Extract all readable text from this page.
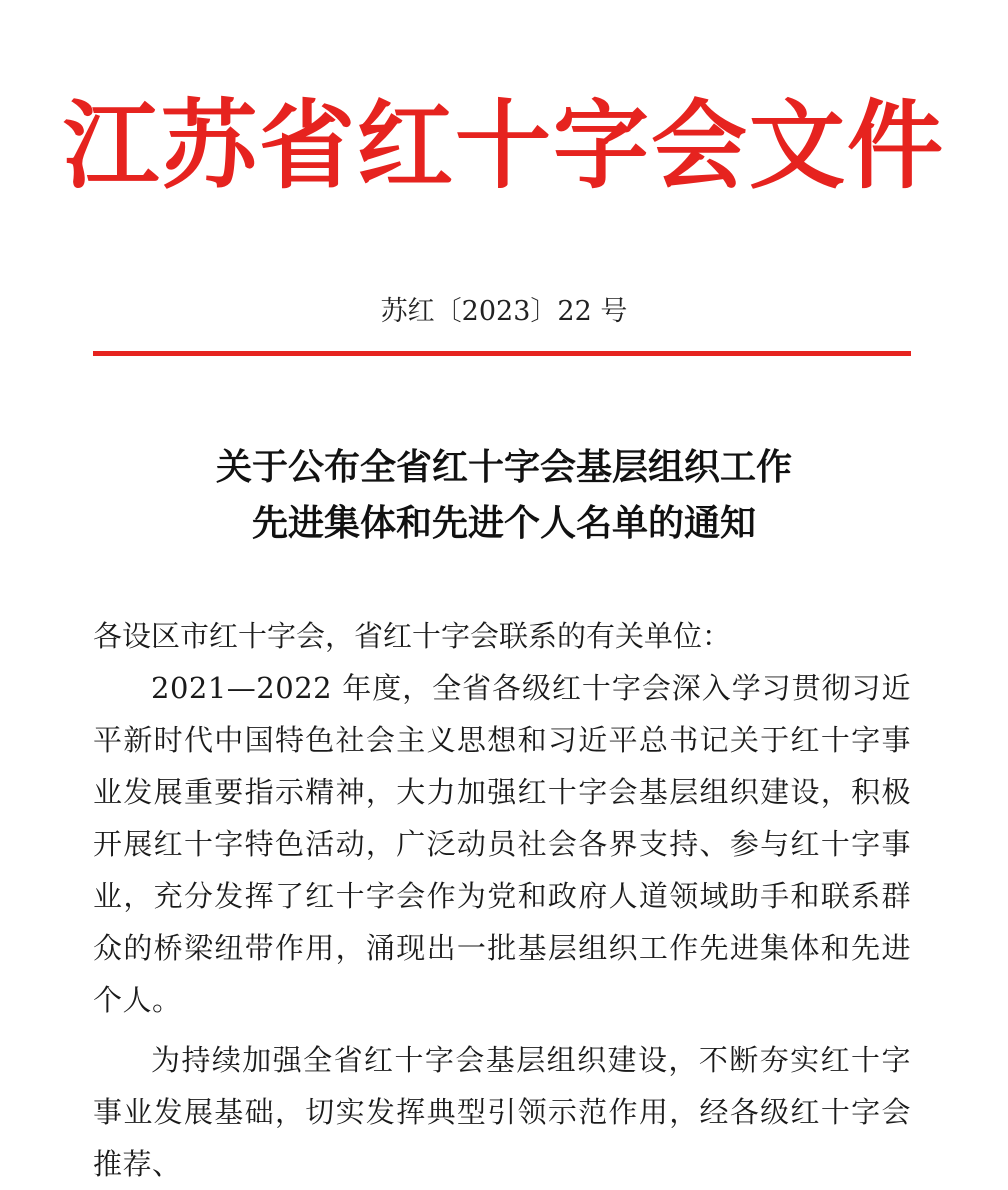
江苏省红十字会文件
苏红〔2023〕22 号
关于公布全省红十字会基层组织工作
先进集体和先进个人名单的通知

各设区市红十字会，省红十字会联系的有关单位：

2021—2022 年度，全省各级红十字会深入学习贯彻习近平新时代中国特色社会主义思想和习近平总书记关于红十字事业发展重要指示精神，大力加强红十字会基层组织建设，积极开展红十字特色活动，广泛动员社会各界支持、参与红十字事业，充分发挥了红十字会作为党和政府人道领域助手和联系群众的桥梁纽带作用，涌现出一批基层组织工作先进集体和先进个人。

为持续加强全省红十字会基层组织建设，不断夯实红十字事业发展基础，切实发挥典型引领示范作用，经各级红十字会推荐、
